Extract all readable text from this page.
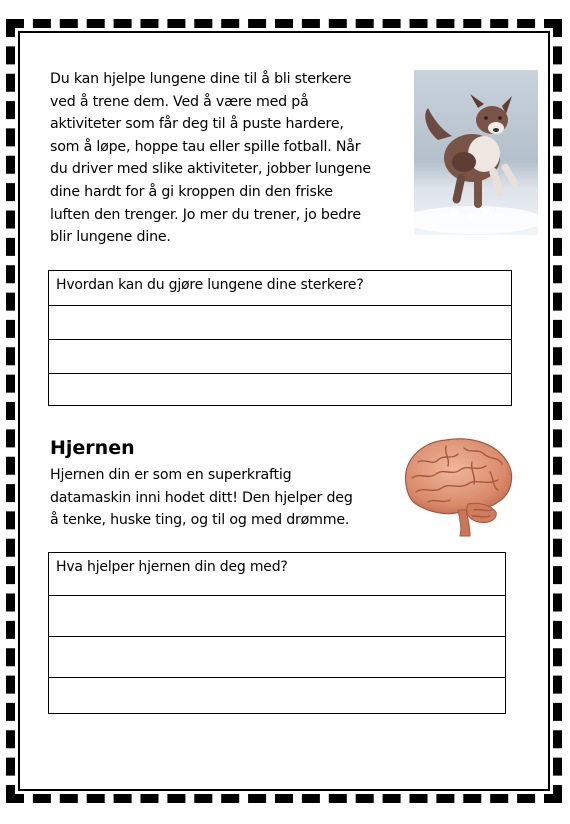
Du kan hjelpe lungene dine til å bli sterkere
ved å trene dem. Ved å være med på
aktiviteter som får deg til å puste hardere,
som å løpe, hoppe tau eller spille fotball. Når
du driver med slike aktiviteter, jobber lungene
dine hardt for å gi kroppen din den friske
luften den trenger. Jo mer du trener, jo bedre
blir lungene dine.

Hvordan kan du gjøre lungene dine sterkere?
Hjernen

Hjernen din er som en superkraftig
datamaskin inni hodet ditt! Den hjelper deg
å tenke, huske ting, og til og med drømme.

Hva hjelper hjernen din deg med?
